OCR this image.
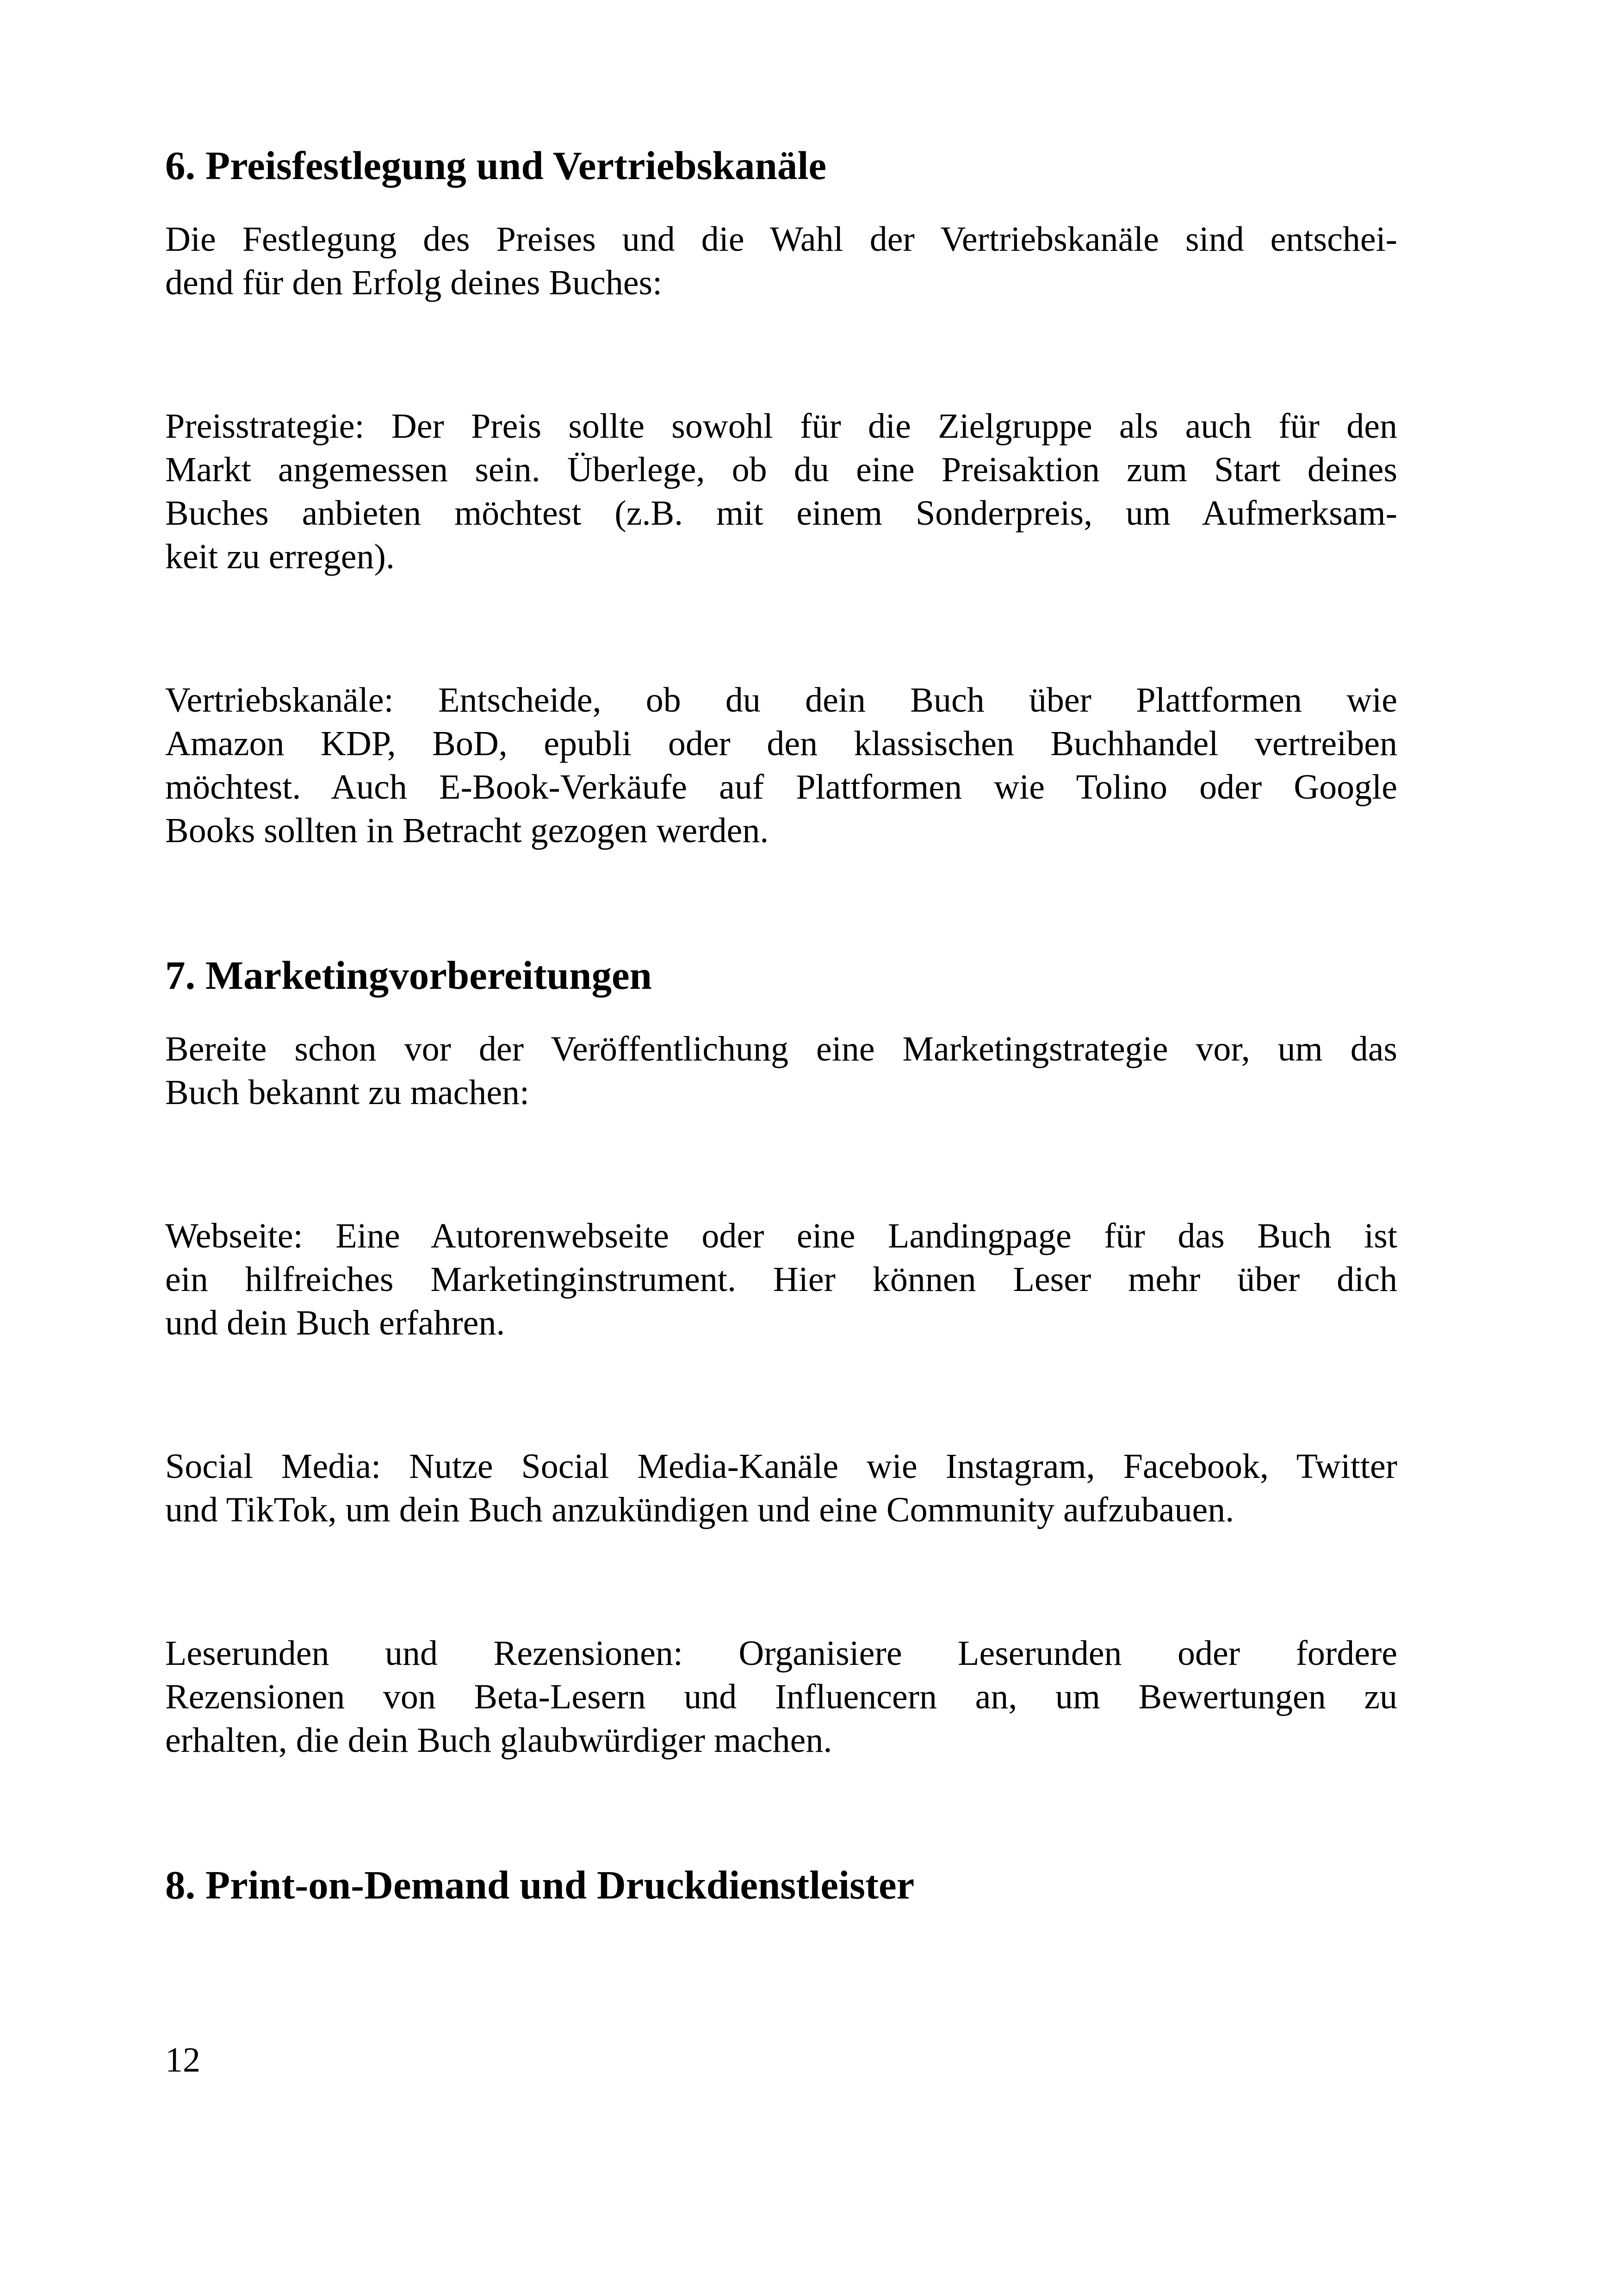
6. Preisfestlegung und Vertriebskanäle
Die Festlegung des Preises und die Wahl der Vertriebskanäle sind entschei-
dend für den Erfolg deines Buches:
Preisstrategie: Der Preis sollte sowohl für die Zielgruppe als auch für den
Markt angemessen sein. Überlege, ob du eine Preisaktion zum Start deines
Buches anbieten möchtest (z.B. mit einem Sonderpreis, um Aufmerksam-
keit zu erregen).
Vertriebskanäle: Entscheide, ob du dein Buch über Plattformen wie
Amazon KDP, BoD, epubli oder den klassischen Buchhandel vertreiben
möchtest. Auch E-Book-Verkäufe auf Plattformen wie Tolino oder Google
Books sollten in Betracht gezogen werden.
7. Marketingvorbereitungen
Bereite schon vor der Veröffentlichung eine Marketingstrategie vor, um das
Buch bekannt zu machen:
Webseite: Eine Autorenwebseite oder eine Landingpage für das Buch ist
ein hilfreiches Marketinginstrument. Hier können Leser mehr über dich
und dein Buch erfahren.
Social Media: Nutze Social Media-Kanäle wie Instagram, Facebook, Twitter
und TikTok, um dein Buch anzukündigen und eine Community aufzubauen.
Leserunden und Rezensionen: Organisiere Leserunden oder fordere
Rezensionen von Beta-Lesern und Influencern an, um Bewertungen zu
erhalten, die dein Buch glaubwürdiger machen.
8. Print-on-Demand und Druckdienstleister
12
